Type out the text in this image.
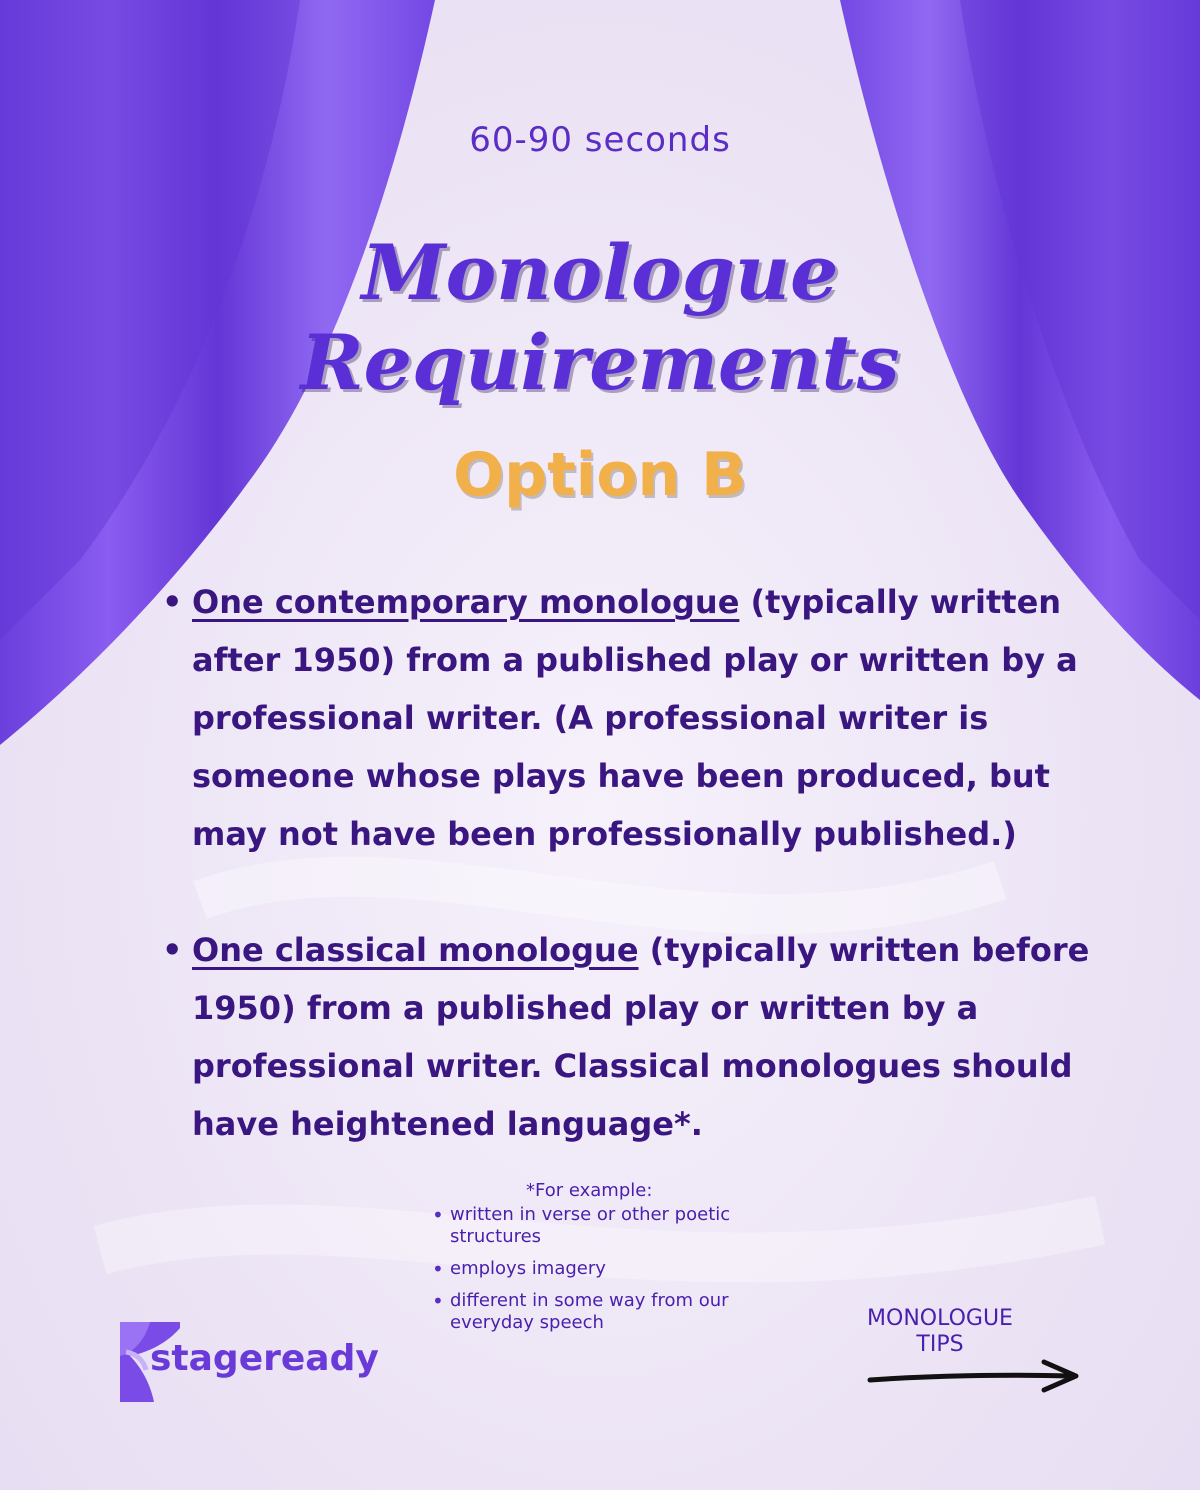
60-90 seconds
Monologue
Requirements
Option B
• One contemporary monologue (typically written after 1950) from a published play or written by a professional writer. (A professional writer is someone whose plays have been produced, but may not have been professionally published.)
• One classical monologue (typically written before 1950) from a published play or written by a professional writer. Classical monologues should have heightened language*.
*For example:
• written in verse or other poetic structures
• employs imagery
• different in some way from our everyday speech
stageready
MONOLOGUE
TIPS
